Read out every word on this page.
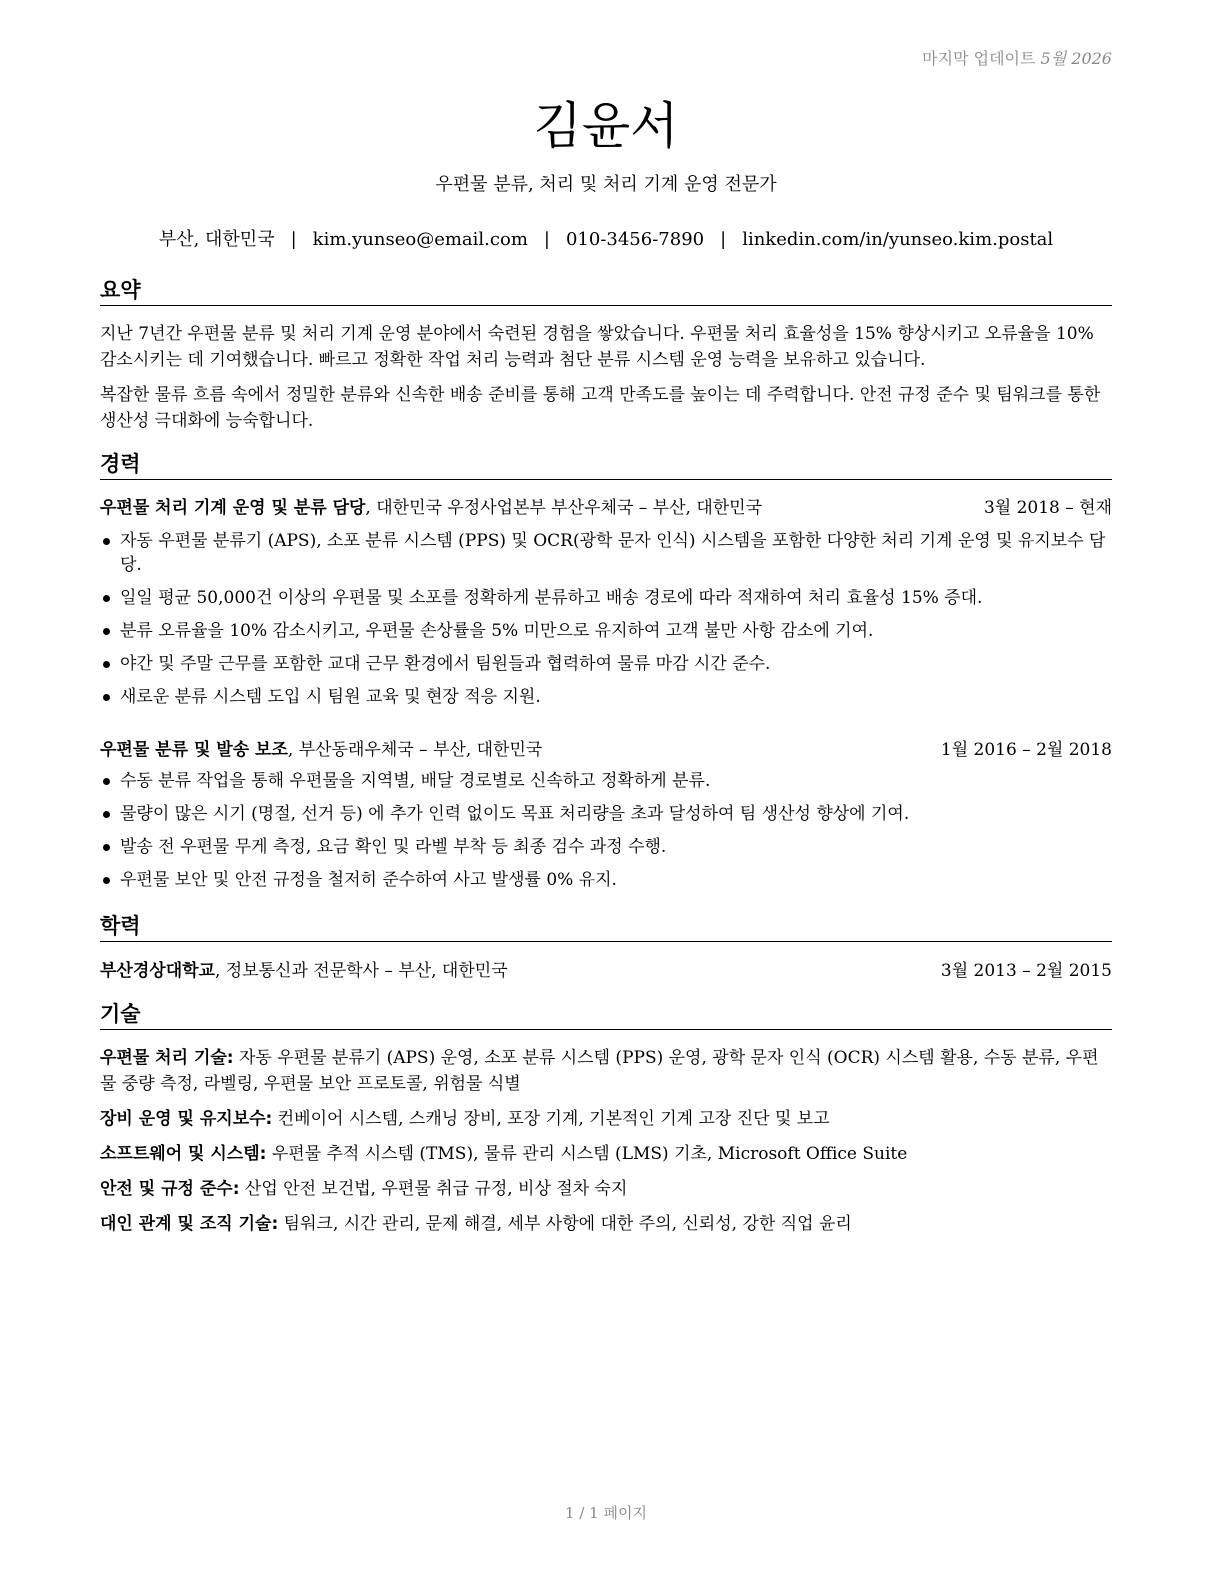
마지막 업데이트 5월 2026
김윤서
우편물 분류, 처리 및 처리 기계 운영 전문가
부산, 대한민국 | kim.yunseo@email.com | 010-3456-7890 | linkedin.com/in/yunseo.kim.postal
요약
지난 7년간 우편물 분류 및 처리 기계 운영 분야에서 숙련된 경험을 쌓았습니다. 우편물 처리 효율성을 15% 향상시키고 오류율을 10% 감소시키는 데 기여했습니다. 빠르고 정확한 작업 처리 능력과 첨단 분류 시스템 운영 능력을 보유하고 있습니다.
복잡한 물류 흐름 속에서 정밀한 분류와 신속한 배송 준비를 통해 고객 만족도를 높이는 데 주력합니다. 안전 규정 준수 및 팀워크를 통한 생산성 극대화에 능숙합니다.
경력
우편물 처리 기계 운영 및 분류 담당, 대한민국 우정사업본부 부산우체국 – 부산, 대한민국	3월 2018 – 현재
자동 우편물 분류기 (APS), 소포 분류 시스템 (PPS) 및 OCR(광학 문자 인식) 시스템을 포함한 다양한 처리 기계 운영 및 유지보수 담당.
일일 평균 50,000건 이상의 우편물 및 소포를 정확하게 분류하고 배송 경로에 따라 적재하여 처리 효율성 15% 증대.
분류 오류율을 10% 감소시키고, 우편물 손상률을 5% 미만으로 유지하여 고객 불만 사항 감소에 기여.
야간 및 주말 근무를 포함한 교대 근무 환경에서 팀원들과 협력하여 물류 마감 시간 준수.
새로운 분류 시스템 도입 시 팀원 교육 및 현장 적응 지원.
우편물 분류 및 발송 보조, 부산동래우체국 – 부산, 대한민국	1월 2016 – 2월 2018
수동 분류 작업을 통해 우편물을 지역별, 배달 경로별로 신속하고 정확하게 분류.
물량이 많은 시기 (명절, 선거 등) 에 추가 인력 없이도 목표 처리량을 초과 달성하여 팀 생산성 향상에 기여.
발송 전 우편물 무게 측정, 요금 확인 및 라벨 부착 등 최종 검수 과정 수행.
우편물 보안 및 안전 규정을 철저히 준수하여 사고 발생률 0% 유지.
학력
부산경상대학교, 정보통신과 전문학사 – 부산, 대한민국	3월 2013 – 2월 2015
기술
우편물 처리 기술: 자동 우편물 분류기 (APS) 운영, 소포 분류 시스템 (PPS) 운영, 광학 문자 인식 (OCR) 시스템 활용, 수동 분류, 우편물 중량 측정, 라벨링, 우편물 보안 프로토콜, 위험물 식별
장비 운영 및 유지보수: 컨베이어 시스템, 스캐닝 장비, 포장 기계, 기본적인 기계 고장 진단 및 보고
소프트웨어 및 시스템: 우편물 추적 시스템 (TMS), 물류 관리 시스템 (LMS) 기초, Microsoft Office Suite
안전 및 규정 준수: 산업 안전 보건법, 우편물 취급 규정, 비상 절차 숙지
대인 관계 및 조직 기술: 팀워크, 시간 관리, 문제 해결, 세부 사항에 대한 주의, 신뢰성, 강한 직업 윤리
1 / 1 페이지
